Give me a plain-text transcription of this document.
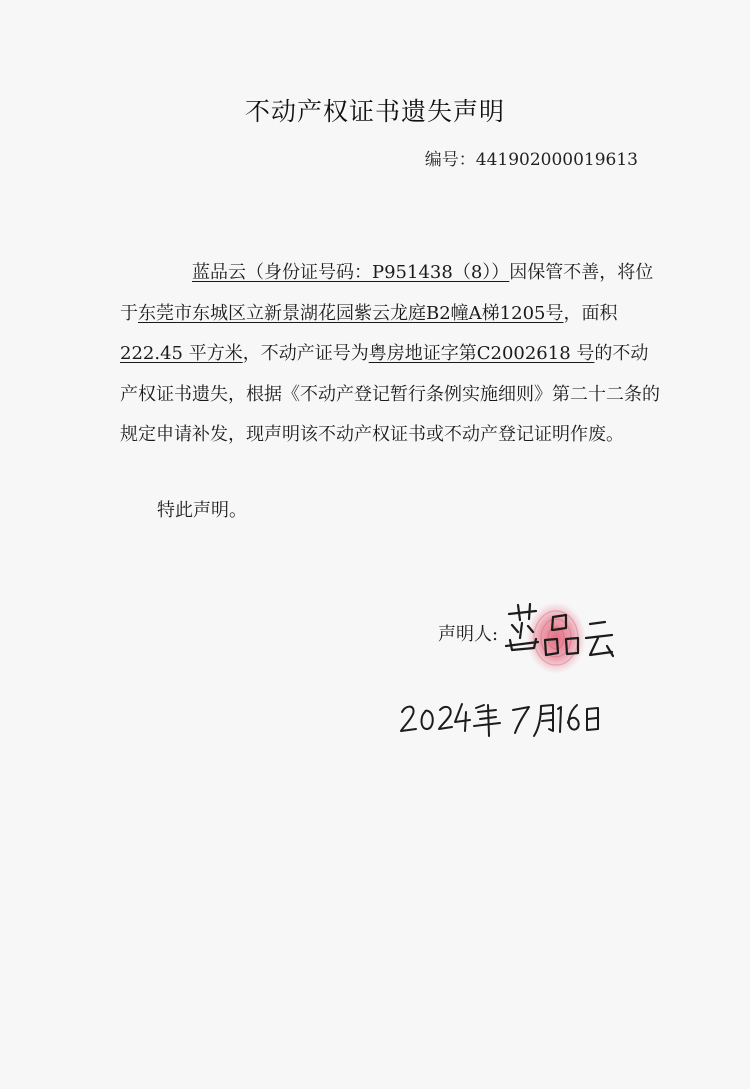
不动产权证书遗失声明
编号：441902000019613

蓝品云（身份证号码：P951438（8））因保管不善，将位于东莞市东城区立新景湖花园紫云龙庭B2幢A梯1205号，面积222.45 平方米，不动产证号为粤房地证字第C2002618 号的不动产权证书遗失，根据《不动产登记暂行条例实施细则》第二十二条的规定申请补发，现声明该不动产权证书或不动产登记证明作废。

特此声明。
声明人:
